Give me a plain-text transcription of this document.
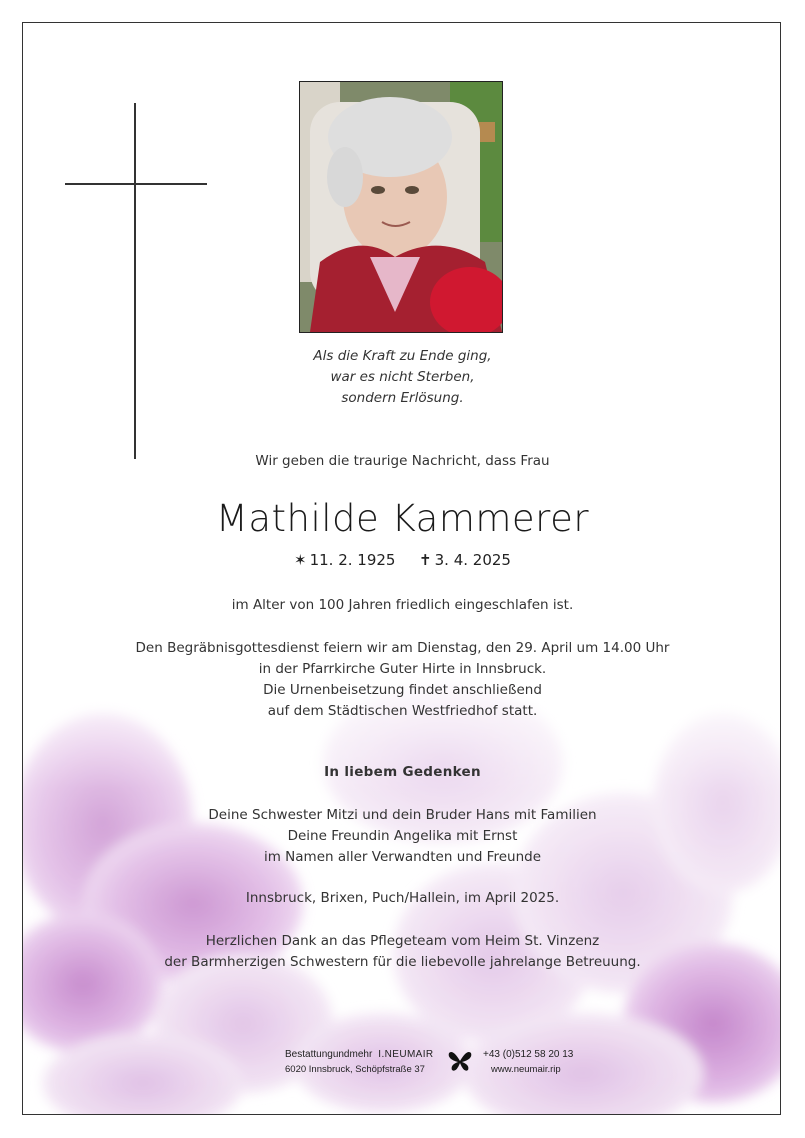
Als die Kraft zu Ende ging,
war es nicht Sterben,
sondern Erlösung.
Wir geben die traurige Nachricht, dass Frau
Mathilde Kammerer
✶ 11. 2. 1925 ✝ 3. 4. 2025
im Alter von 100 Jahren friedlich eingeschlafen ist.
Den Begräbnisgottesdienst feiern wir am Dienstag, den 29. April um 14.00 Uhr
in der Pfarrkirche Guter Hirte in Innsbruck.
Die Urnenbeisetzung findet anschließend
auf dem Städtischen Westfriedhof statt.
In liebem Gedenken
Deine Schwester Mitzi und dein Bruder Hans mit Familien
Deine Freundin Angelika mit Ernst
im Namen aller Verwandten und Freunde
Innsbruck, Brixen, Puch/Hallein, im April 2025.
Herzlichen Dank an das Pflegeteam vom Heim St. Vinzenz
der Barmherzigen Schwestern für die liebevolle jahrelange Betreuung.
Bestattungundmehr I.NEUMAIR
6020 Innsbruck, Schöpfstraße 37
+43 (0)512 58 20 13
www.neumair.rip
